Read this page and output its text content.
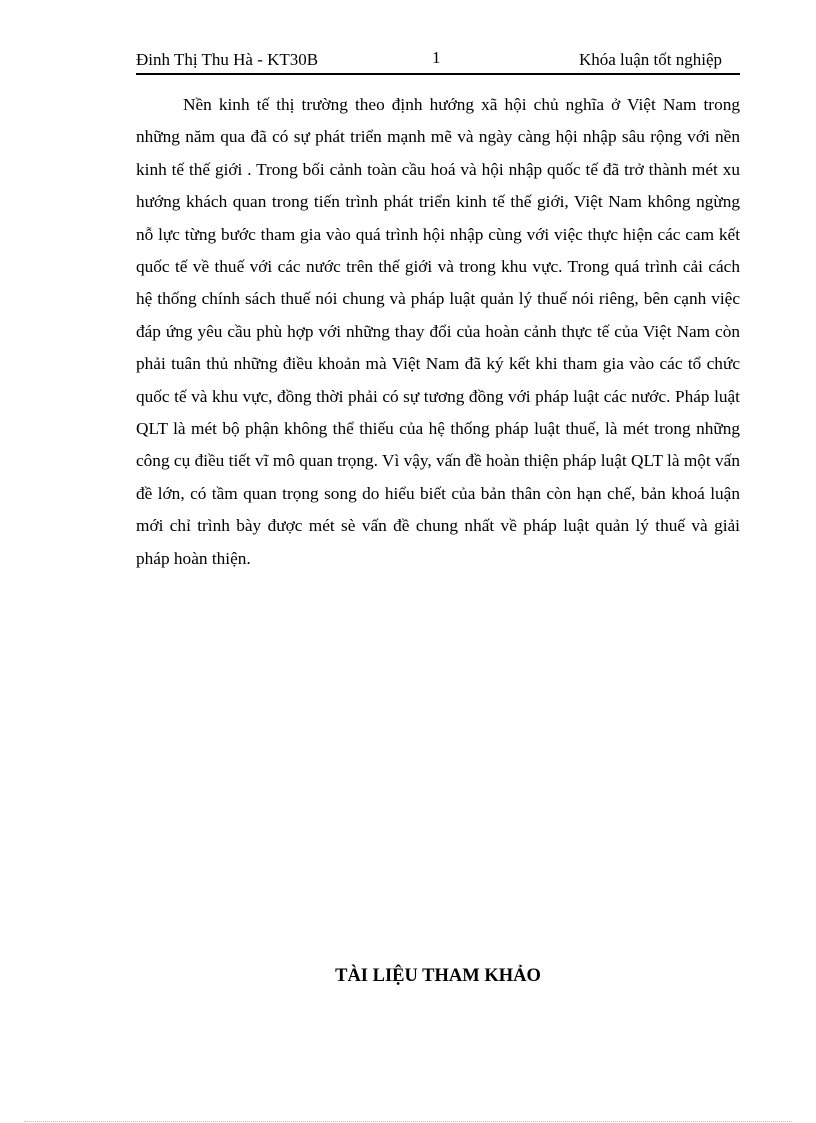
Đinh Thị Thu Hà - KT30B	1	Khóa luận tốt nghiệp

Nền kinh tế thị trường theo định hướng xã hội chủ nghĩa ở Việt Nam trong những năm qua đã có sự phát triển mạnh mẽ và ngày càng hội nhập sâu rộng với nền kinh tế thế giới . Trong bối cảnh toàn cầu hoá và hội nhập quốc tế đã trở thành mét xu hướng khách quan trong tiến trình phát triển kinh tế thế giới, Việt Nam không ngừng nỗ lực từng bước tham gia vào quá trình hội nhập cùng với việc thực hiện các cam kết quốc tế về thuế với các nước trên thế giới và trong khu vực. Trong quá trình cải cách hệ thống chính sách thuế nói chung và pháp luật quản lý thuế nói riêng, bên cạnh việc đáp ứng yêu cầu phù hợp với những thay đổi của hoàn cảnh thực tế của Việt Nam còn phải tuân thủ những điều khoản mà Việt Nam đã ký kết khi tham gia vào các tổ chức quốc tế và khu vực, đồng thời phải có sự tương đồng với pháp luật các nước. Pháp luật QLT là mét bộ phận không thể thiếu của hệ thống pháp luật thuế, là mét trong những công cụ điều tiết vĩ mô quan trọng. Vì vậy, vấn đề hoàn thiện pháp luật QLT là một vấn đề lớn, có tầm quan trọng song do hiểu biết của bản thân còn hạn chế, bản khoá luận mới chỉ trình bày được mét sè vấn đề chung nhất về pháp luật quản lý thuế và giải pháp hoàn thiện.

TÀI LIỆU THAM KHẢO
